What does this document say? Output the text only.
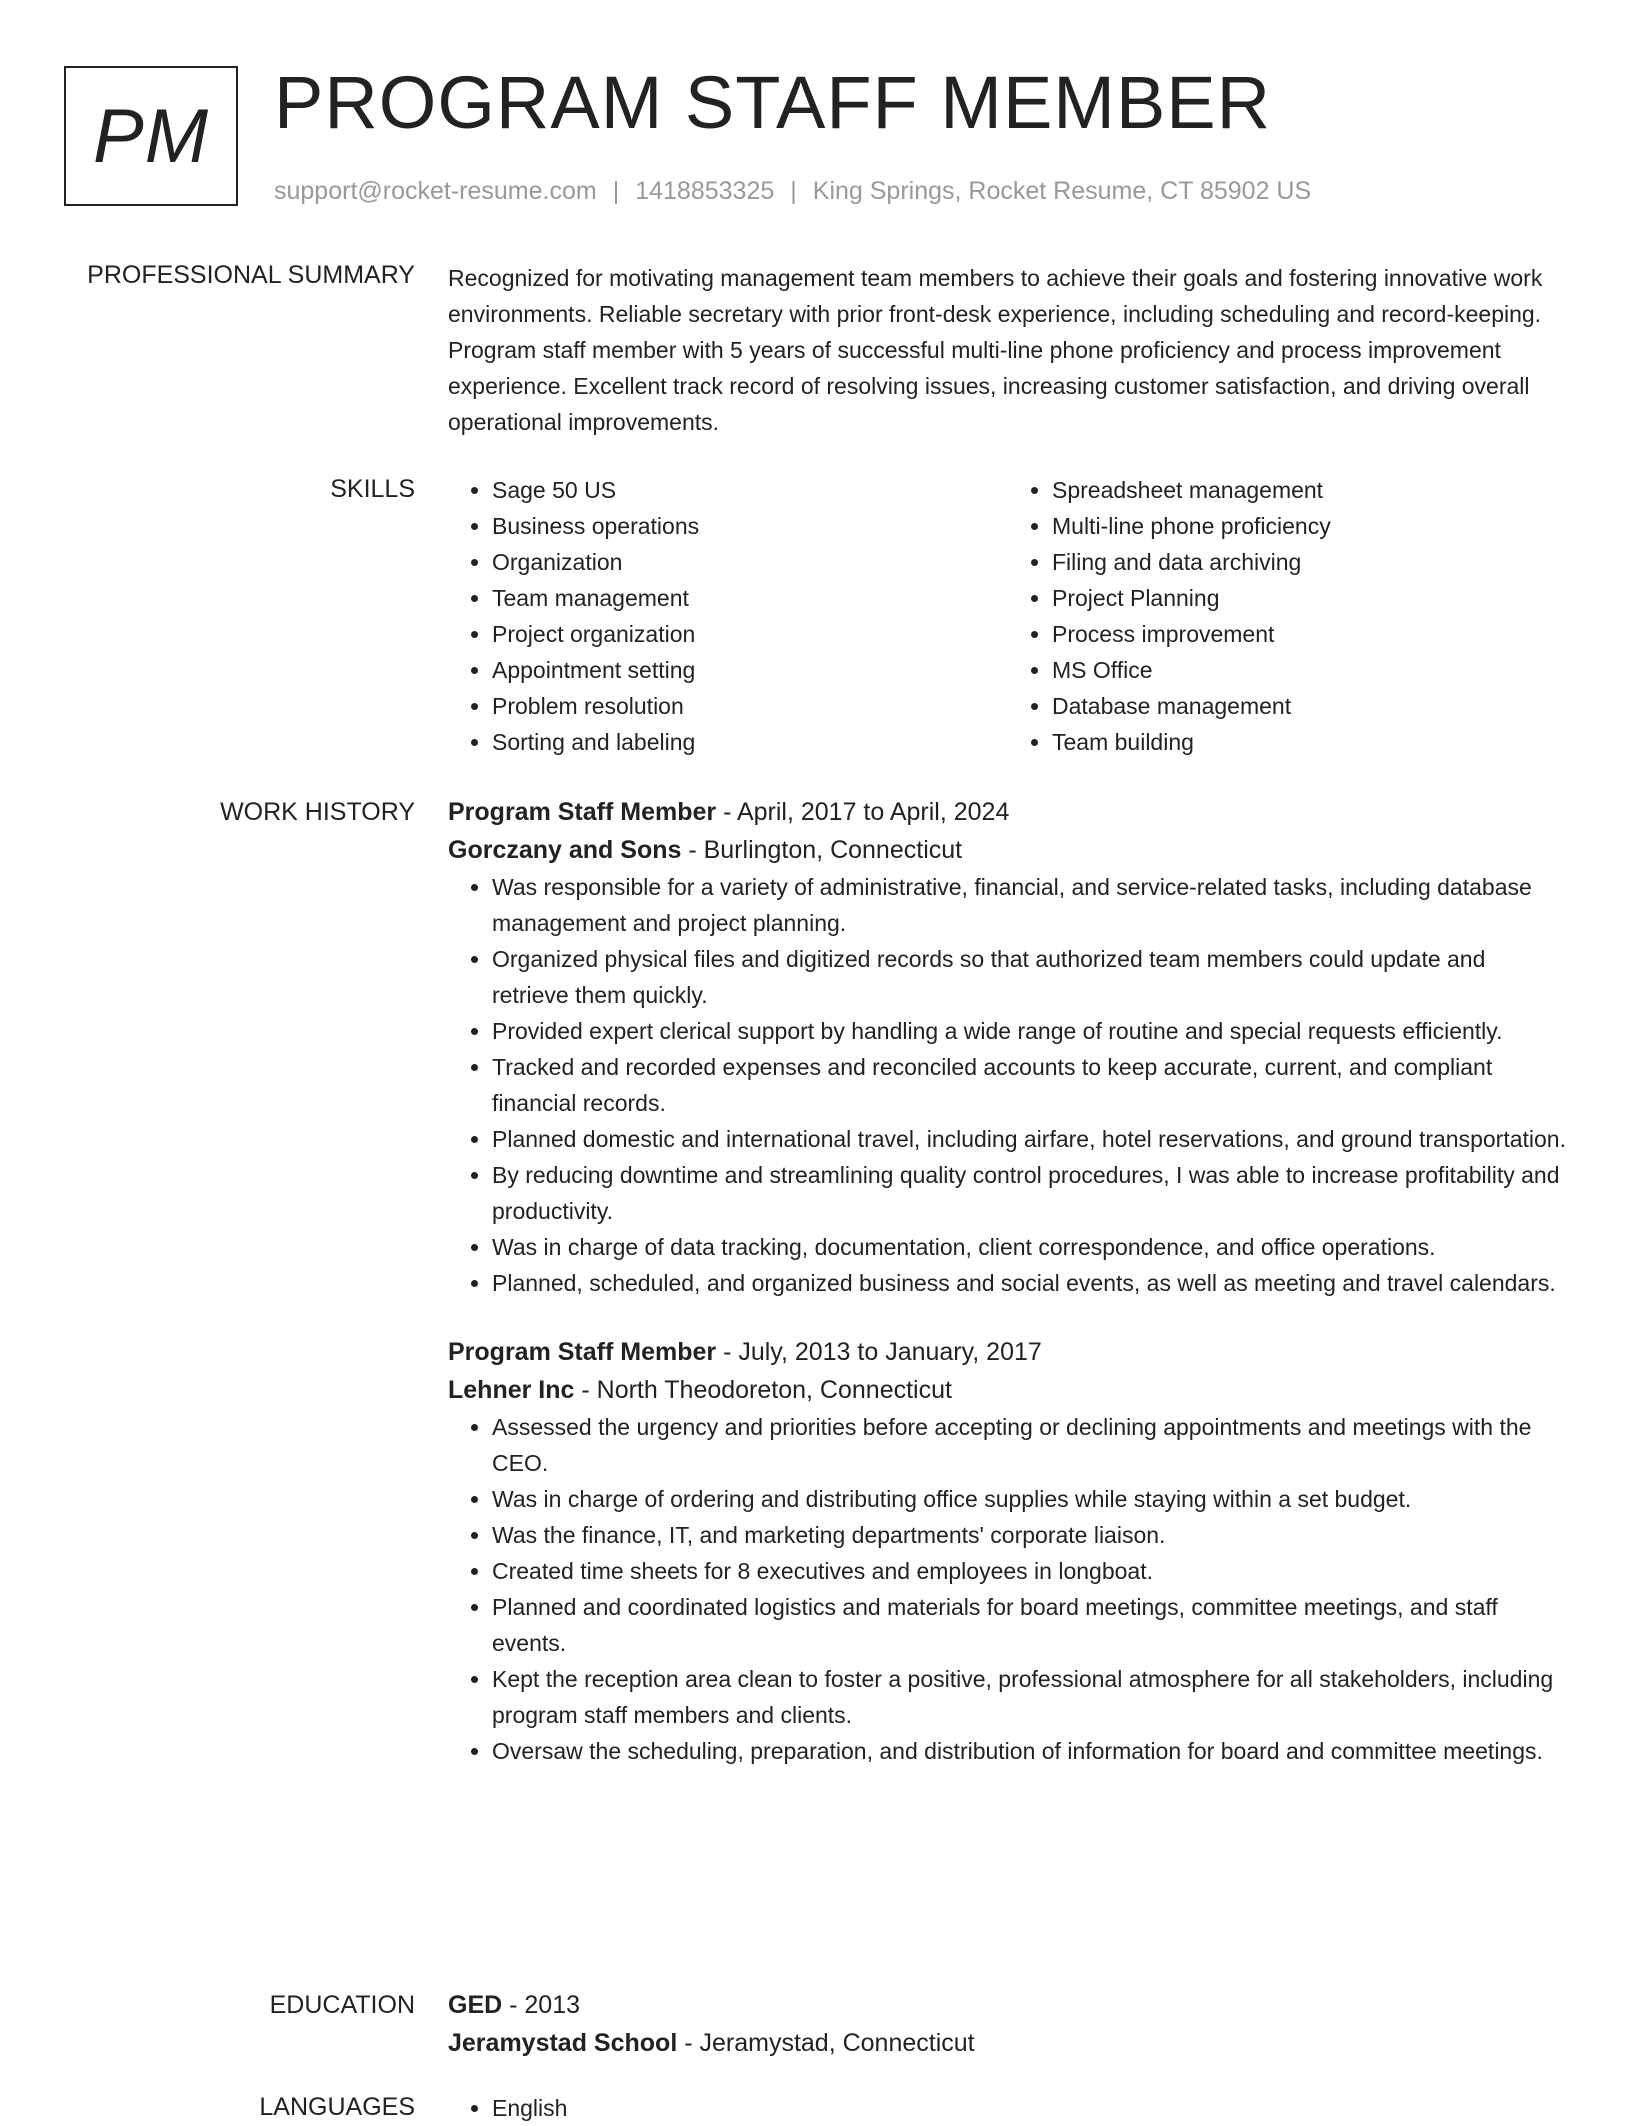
PM PROGRAM STAFF MEMBER
support@rocket-resume.com | 1418853325 | King Springs, Rocket Resume, CT 85902 US
PROFESSIONAL SUMMARY Recognized for motivating management team members to achieve their goals and fostering innovative work environments. Reliable secretary with prior front-desk experience, including scheduling and record-keeping. Program staff member with 5 years of successful multi-line phone proficiency and process improvement experience. Excellent track record of resolving issues, increasing customer satisfaction, and driving overall operational improvements.

SKILLS	• Sage 50 US
• Business operations
• Organization
• Team management
• Project organization
• Appointment setting
• Problem resolution
• Sorting and labeling
• Spreadsheet management
• Multi-line phone proficiency
• Filing and data archiving
• Project Planning
• Process improvement
• MS Office
• Database management
• Team building
WORK HISTORY Program Staff Member - April, 2017 to April, 2024
Gorczany and Sons - Burlington, Connecticut
• Was responsible for a variety of administrative, financial, and service-related tasks, including database management and project planning.
• Organized physical files and digitized records so that authorized team members could update and retrieve them quickly.
• Provided expert clerical support by handling a wide range of routine and special requests efficiently.
• Tracked and recorded expenses and reconciled accounts to keep accurate, current, and compliant financial records.
• Planned domestic and international travel, including airfare, hotel reservations, and ground transportation.
• By reducing downtime and streamlining quality control procedures, I was able to increase profitability and productivity.
• Was in charge of data tracking, documentation, client correspondence, and office operations.
• Planned, scheduled, and organized business and social events, as well as meeting and travel calendars.
Program Staff Member - July, 2013 to January, 2017
Lehner Inc - North Theodoreton, Connecticut
• Assessed the urgency and priorities before accepting or declining appointments and meetings with the CEO.
• Was in charge of ordering and distributing office supplies while staying within a set budget.
• Was the finance, IT, and marketing departments' corporate liaison.
• Created time sheets for 8 executives and employees in longboat.
• Planned and coordinated logistics and materials for board meetings, committee meetings, and staff events.
• Kept the reception area clean to foster a positive, professional atmosphere for all stakeholders, including program staff members and clients.
• Oversaw the scheduling, preparation, and distribution of information for board and committee meetings.
EDUCATION GED - 2013
Jeramystad School - Jeramystad, Connecticut
LANGUAGES	• English
